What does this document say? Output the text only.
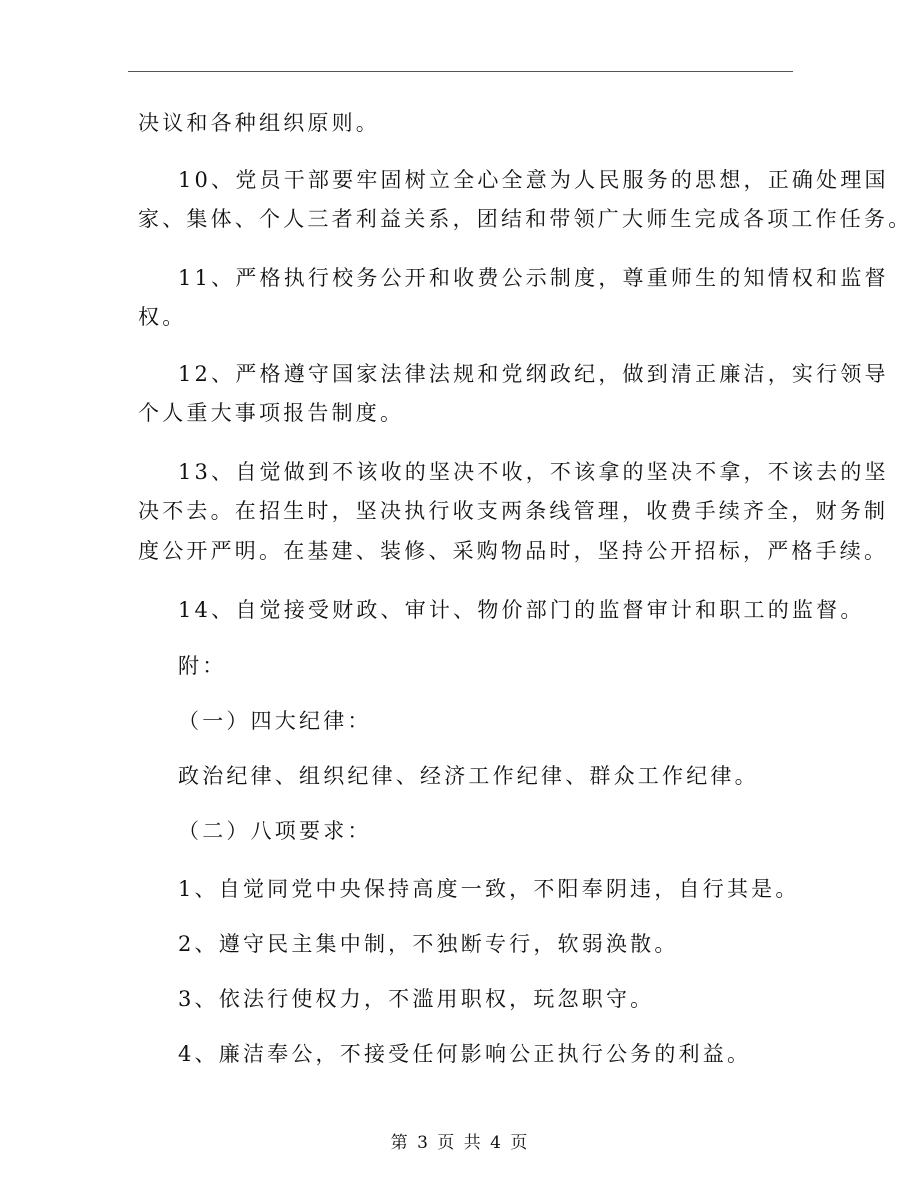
决议和各种组织原则。
10、党员干部要牢固树立全心全意为人民服务的思想，正确处理国
家、集体、个人三者利益关系，团结和带领广大师生完成各项工作任务。
11、严格执行校务公开和收费公示制度，尊重师生的知情权和监督
权。
12、严格遵守国家法律法规和党纲政纪，做到清正廉洁，实行领导
个人重大事项报告制度。
13、自觉做到不该收的坚决不收，不该拿的坚决不拿，不该去的坚
决不去。在招生时，坚决执行收支两条线管理，收费手续齐全，财务制
度公开严明。在基建、装修、采购物品时，坚持公开招标，严格手续。
14、自觉接受财政、审计、物价部门的监督审计和职工的监督。
附：
（一）四大纪律：
政治纪律、组织纪律、经济工作纪律、群众工作纪律。
（二）八项要求：
1、自觉同党中央保持高度一致，不阳奉阴违，自行其是。
2、遵守民主集中制，不独断专行，软弱涣散。
3、依法行使权力，不滥用职权，玩忽职守。
4、廉洁奉公，不接受任何影响公正执行公务的利益。
第 3 页 共 4 页
